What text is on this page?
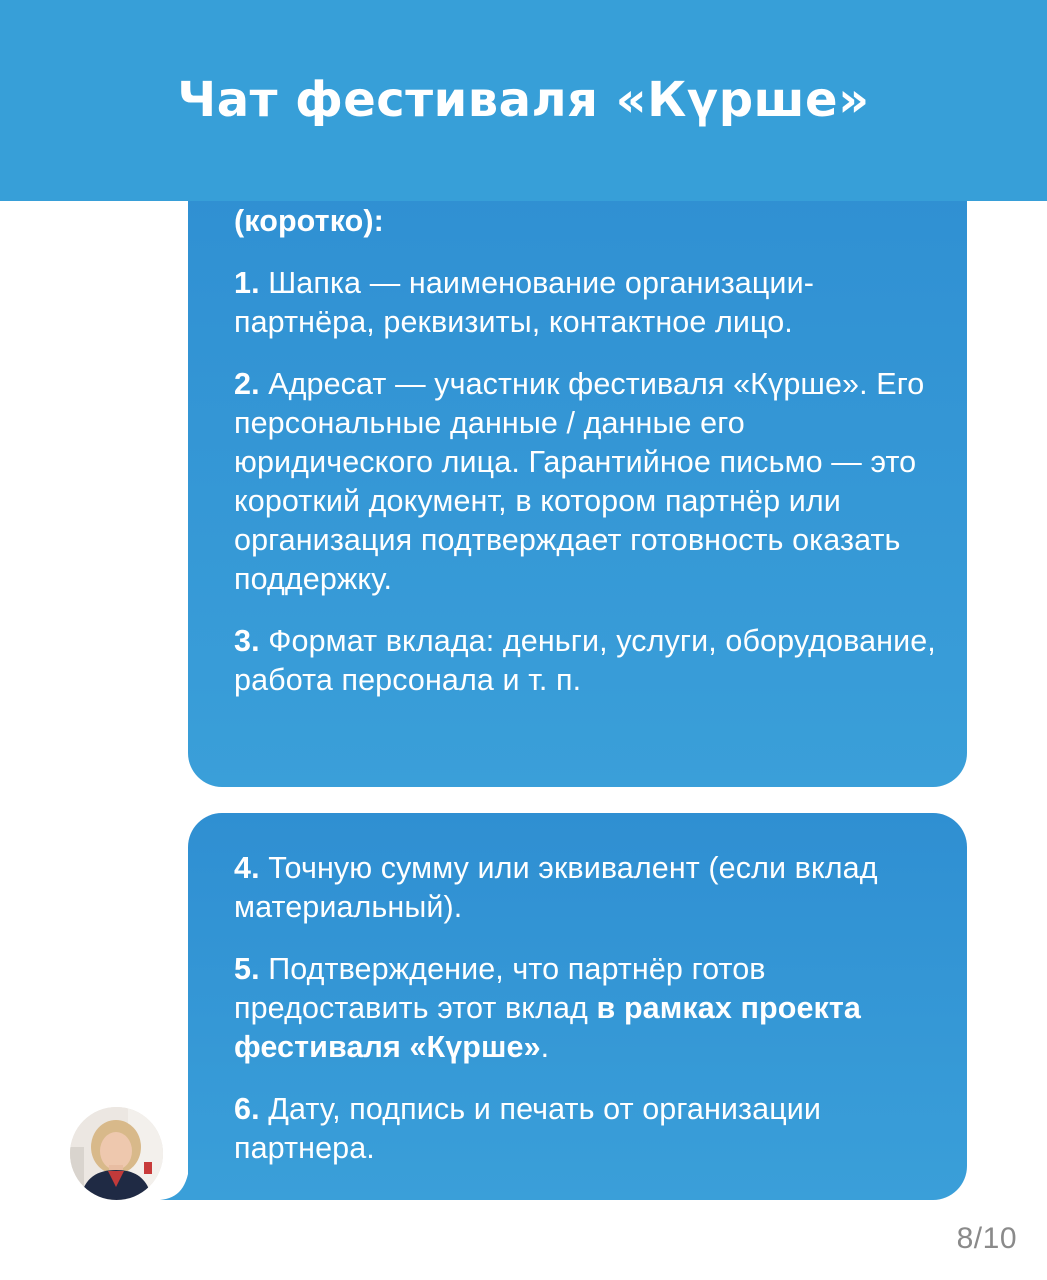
(коротко):

1. Шапка — наименование организации-партнёра, реквизиты, контактное лицо.

2. Адресат — участник фестиваля «Күрше». Его персональные данные / данные его юридического лица. Гарантийное письмо — это короткий документ, в котором партнёр или организация подтверждает готовность оказать поддержку.

3. Формат вклада: деньги, услуги, оборудование, работа персонала и т. п.

4. Точную сумму или эквивалент (если вклад материальный).

5. Подтверждение, что партнёр готов предоставить этот вклад в рамках проекта фестиваля «Күрше».

6. Дату, подпись и печать от организации партнера.

Чат фестиваля «Күрше»
8/10
